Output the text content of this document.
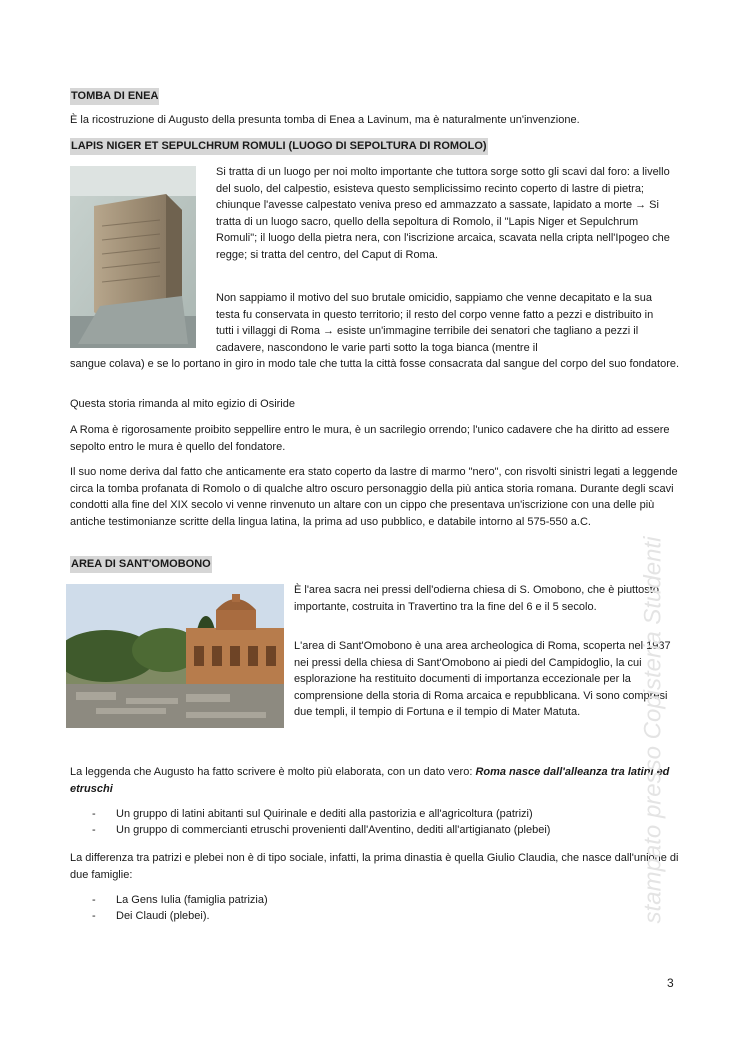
TOMBA DI ENEA

È la ricostruzione di Augusto della presunta tomba di Enea a Lavinum, ma è naturalmente un'invenzione.

LAPIS NIGER ET SEPULCHRUM ROMULI (LUOGO DI SEPOLTURA DI ROMOLO)

Si tratta di un luogo per noi molto importante che tuttora sorge sotto gli scavi dal foro: a livello del suolo, del calpestio, esisteva questo semplicissimo recinto coperto di lastre di pietra; chiunque l'avesse calpestato veniva preso ed ammazzato a sassate, lapidato a morte → Si tratta di un luogo sacro, quello della sepoltura di Romolo, il "Lapis Niger et Sepulchrum Romuli"; il luogo della pietra nera, con l'iscrizione arcaica, scavata nella cripta nell'Ipogeo che regge; si tratta del centro, del Caput di Roma.

Non sappiamo il motivo del suo brutale omicidio, sappiamo che venne decapitato e la sua testa fu conservata in questo territorio; il resto del corpo venne fatto a pezzi e distribuito in tutti i villaggi di Roma → esiste un'immagine terribile dei senatori che tagliano a pezzi il cadavere, nascondono le varie parti sotto la toga bianca (mentre il

sangue colava) e se lo portano in giro in modo tale che tutta la città fosse consacrata dal sangue del corpo del suo fondatore.

Questa storia rimanda al mito egizio di Osiride

A Roma è rigorosamente proibito seppellire entro le mura, è un sacrilegio orrendo; l'unico cadavere che ha diritto ad essere sepolto entro le mura è quello del fondatore.

Il suo nome deriva dal fatto che anticamente era stato coperto da lastre di marmo "nero", con risvolti sinistri legati a leggende circa la tomba profanata di Romolo o di qualche altro oscuro personaggio della più antica storia romana. Durante degli scavi condotti alla fine del XIX secolo vi venne rinvenuto un altare con un cippo che presentava un'iscrizione con una delle più antiche testimonianze scritte della lingua latina, la prima ad uso pubblico, e databile intorno al 575-550 a.C.

AREA DI SANT'OMOBONO

È l'area sacra nei pressi dell'odierna chiesa di S. Omobono, che è piuttosto importante, costruita in Travertino tra la fine del 6 e il 5 secolo.

L'area di Sant'Omobono è una area archeologica di Roma, scoperta nel 1937 nei pressi della chiesa di Sant'Omobono ai piedi del Campidoglio, la cui esplorazione ha restituito documenti di importanza eccezionale per la comprensione della storia di Roma arcaica e repubblicana. Vi sono compresi due templi, il tempio di Fortuna e il tempio di Mater Matuta.

La leggenda che Augusto ha fatto scrivere è molto più elaborata, con un dato vero: Roma nasce dall'alleanza tra latini ed etruschi

- Un gruppo di latini abitanti sul Quirinale e dediti alla pastorizia e all'agricoltura (patrizi)
- Un gruppo di commercianti etruschi provenienti dall'Aventino, dediti all'artigianato (plebei)

La differenza tra patrizi e plebei non è di tipo sociale, infatti, la prima dinastia è quella Giulio Claudia, che nasce dall'unione di due famiglie:

- La Gens Iulia (famiglia patrizia)
- Dei Claudi (plebei).	stampato presso Copisteria Studenti
3
